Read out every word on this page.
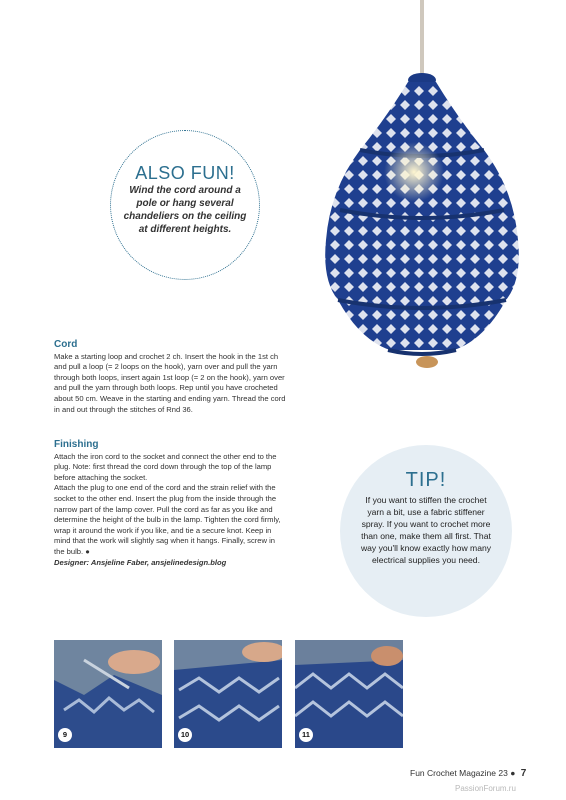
ALSO FUN!
Wind the cord around a pole or hang several chandeliers on the ceiling at different heights.
Cord

Make a starting loop and crochet 2 ch. Insert the hook in the 1st ch and pull a loop (= 2 loops on the hook), yarn over and pull the yarn through both loops, insert again 1st loop (= 2 on the hook), yarn over and pull the yarn through both loops. Rep until you have crocheted about 50 cm. Weave in the starting and ending yarn. Thread the cord in and out through the stitches of Rnd 36.

Finishing

Attach the iron cord to the socket and connect the other end to the plug. Note: first thread the cord down through the top of the lamp before attaching the socket.

Attach the plug to one end of the cord and the strain relief with the socket to the other end. Insert the plug from the inside through the narrow part of the lamp cover. Pull the cord as far as you like and determine the height of the bulb in the lamp. Tighten the cord firmly, wrap it around the work if you like, and tie a secure knot. Keep in mind that the work will slightly sag when it hangs. Finally, screw in the bulb. ●

Designer: Ansjeline Faber, ansjelinedesign.blog

TIP!
If you want to stiffen the crochet yarn a bit, use a fabric stiffener spray. If you want to crochet more than one, make them all first. That way you'll know exactly how many electrical supplies you need.
9	10	11
Fun Crochet Magazine 23 ● 7
PassionForum.ru
